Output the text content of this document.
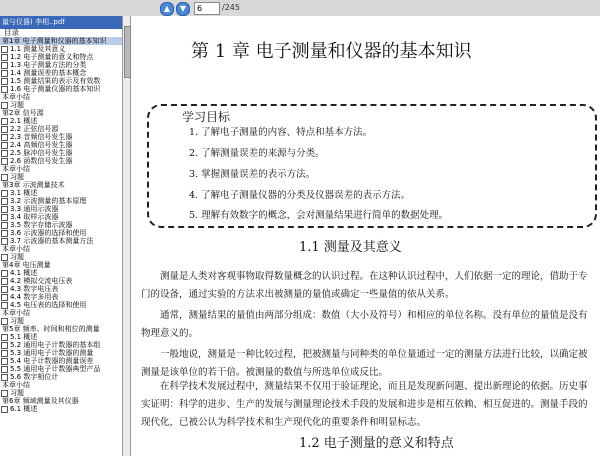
▲	▼	6	/245
量与仪器) 李相..pdf
目录
第1章 电子测量和仪器的基本知识
1.1 测量及其意义
1.2 电子测量的意义和特点
1.3 电子测量方法的分类
1.4 测量误差的基本概念
1.5 测量结果的表示及有效数
1.6 电子测量仪器的基本知识
本章小结
习题
第2章 信号源
2.1 概述
2.2 正弦信号源
2.3 音频信号发生器
2.4 高频信号发生器
2.5 脉冲信号发生器
2.6 函数信号发生器
本章小结
习题
第3章 示波测量技术
3.1 概述
3.2 示波测量的基本原理
3.3 通用示波器
3.4 取样示波器
3.5 数字存储示波器
3.6 示波器的选择和使用
3.7 示波器的基本测量方法
本章小结
习题
第4章 电压测量
4.1 概述
4.2 模拟交流电压表
4.3 数字电压表
4.4 数字多用表
4.5 电压表的选择和使用
本章小结
习题
第5章 频率、时间和相位的测量
5.1 概述
5.2 通用电子计数器的基本组
5.3 通用电子计数器的测量
5.4 电子计数器的测量误差
5.5 通用电子计数器典型产品
5.6 数字相位计
本章小结
习题
第6章 频域测量及其仪器
6.1 概述
第 1 章 电子测量和仪器的基本知识
学习目标
1. 了解电子测量的内容、特点和基本方法。
2. 了解测量误差的来源与分类。
3. 掌握测量误差的表示方法。
4. 了解电子测量仪器的分类及仪器误差的表示方法。
5. 理解有效数字的概念，会对测量结果进行简单的数据处理。
1.1 测量及其意义
测量是人类对客观事物取得数量概念的认识过程。在这种认识过程中，人们依据一定的理论，借助于专门的设备，通过实验的方法求出被测量的量值或确定一些量值的依从关系。
通常，测量结果的量值由两部分组成：数值（大小及符号）和相应的单位名称。没有单位的量值是没有物理意义的。
一般地说，测量是一种比较过程，把被测量与同种类的单位量通过一定的测量方法进行比较，以确定被测量是该单位的若干倍。被测量的数值与所选单位成反比。
在科学技术发展过程中，测量结果不仅用于验证理论，而且是发现新问题、提出新理论的依据。历史事实证明：科学的进步、生产的发展与测量理论技术手段的发展和进步是相互依赖、相互促进的。测量手段的现代化，已被公认为科学技术和生产现代化的重要条件和明显标志。
1.2 电子测量的意义和特点
